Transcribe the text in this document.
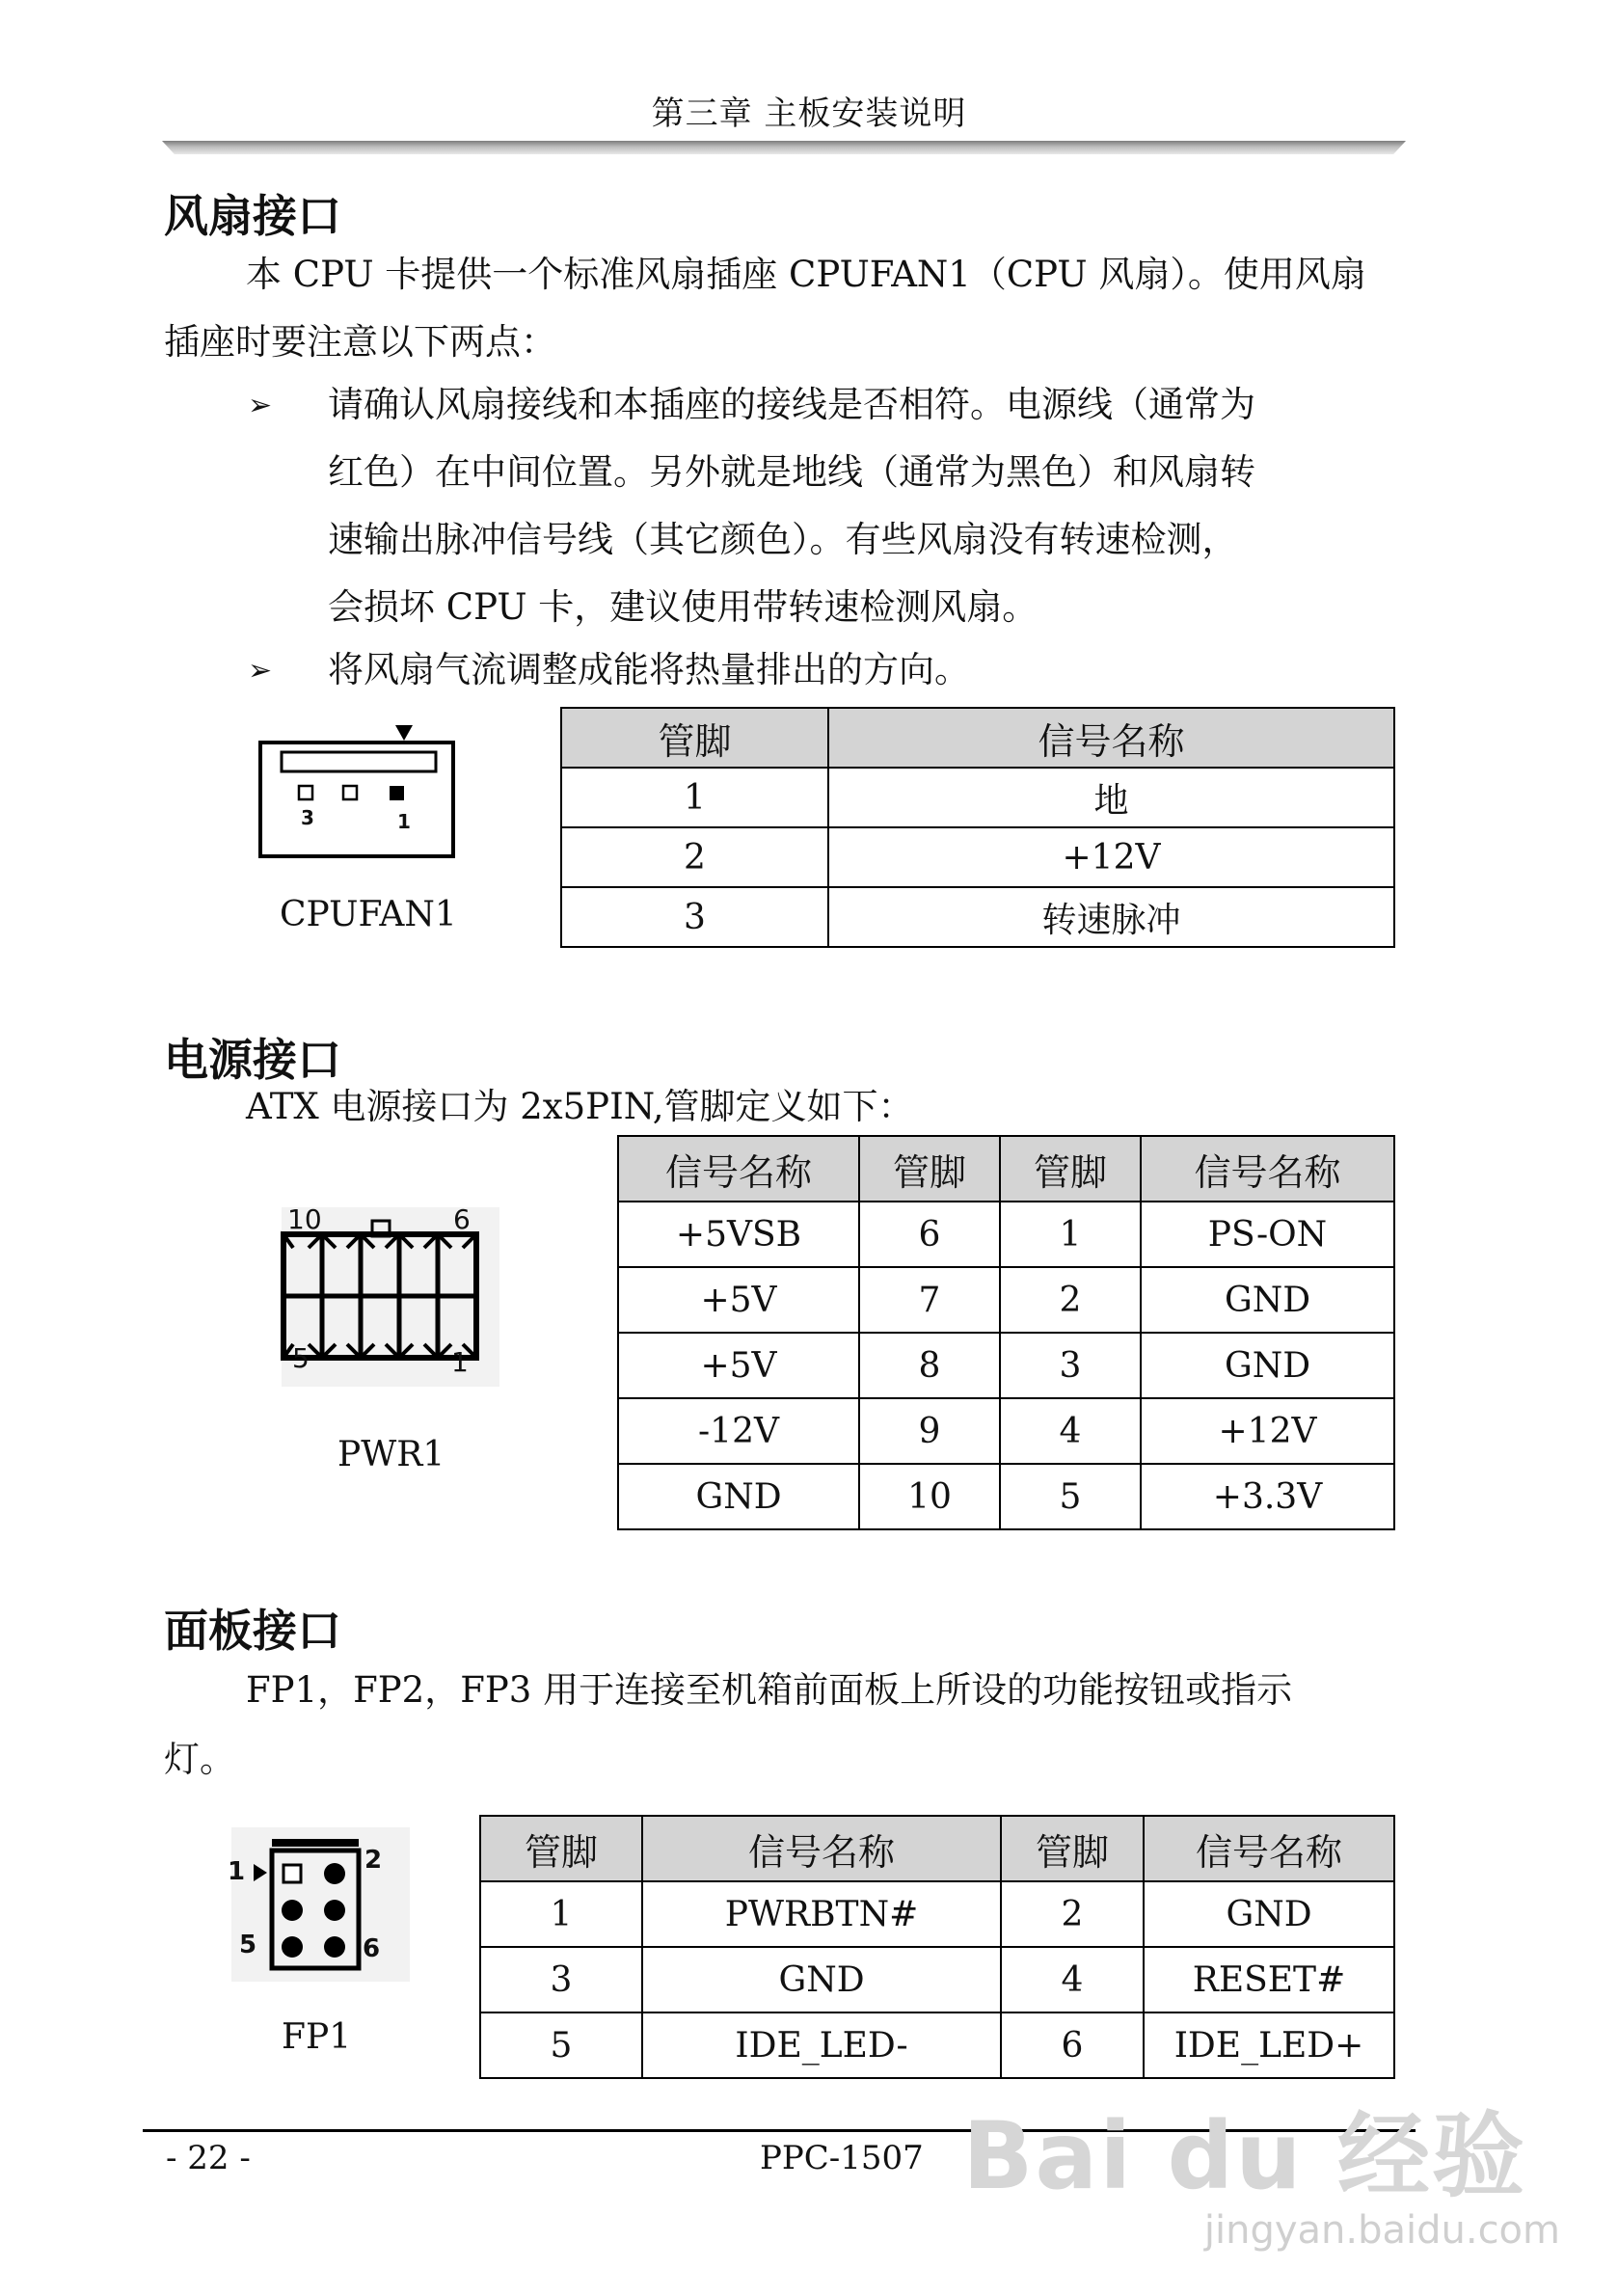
第三章 主板安装说明
风扇接口
本 CPU 卡提供一个标准风扇插座 CPUFAN1（CPU 风扇）。使用风扇
插座时要注意以下两点：
➢ 请确认风扇接线和本插座的接线是否相符。电源线（通常为
红色）在中间位置。另外就是地线（通常为黑色）和风扇转
速输出脉冲信号线（其它颜色）。有些风扇没有转速检测，
会损坏 CPU 卡，建议使用带转速检测风扇。
➢ 将风扇气流调整成能将热量排出的方向。
3	1
CPUFAN1
管脚	信号名称
1	地
2	+12V
3	转速脉冲
电源接口
ATX 电源接口为 2x5PIN,管脚定义如下：
10	6
5	1
PWR1
信号名称	管脚	管脚	信号名称
+5VSB	6	1	PS-ON
+5V	7	2	GND
+5V	8	3	GND
-12V	9	4	+12V
GND	10	5	+3.3V
面板接口
FP1，FP2，FP3 用于连接至机箱前面板上所设的功能按钮或指示
灯。
1	2
5	6
FP1
管脚	信号名称	管脚	信号名称
1	PWRBTN#	2	GND
3	GND	4	RESET#
5	IDE_LED-	6	IDE_LED+
- 22 -	PPC-1507 Bai du 经验
jingyan.baidu.com
